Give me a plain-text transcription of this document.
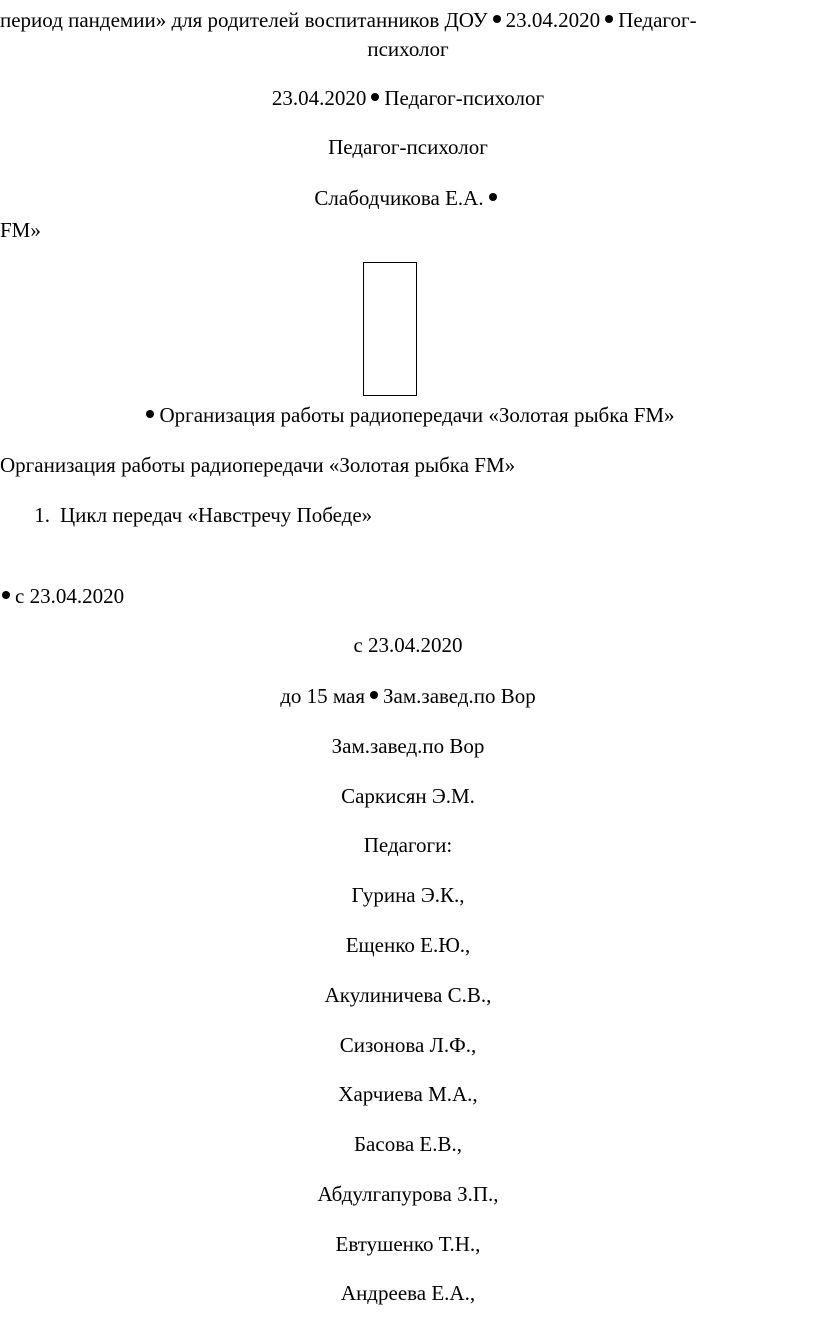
период пандемии» для родителей воспитанников ДОУ 23.04.2020 Педагог-
психолог
23.04.2020 Педагог-психолог
Педагог-психолог
Слабодчикова Е.А.
FM»
Организация работы радиопередачи «Золотая рыбка FM»
Организация работы радиопередачи «Золотая рыбка FM»
1. Цикл передач «Навстречу Победе»
с 23.04.2020
с 23.04.2020
до 15 мая Зам.завед.по Вор
Зам.завед.по Вор
Саркисян Э.М.
Педагоги:
Гурина Э.К.,
Ещенко Е.Ю.,
Акулиничева С.В.,
Сизонова Л.Ф.,
Харчиева М.А.,
Басова Е.В.,
Абдулгапурова З.П.,
Евтушенко Т.Н.,
Андреева Е.А.,
